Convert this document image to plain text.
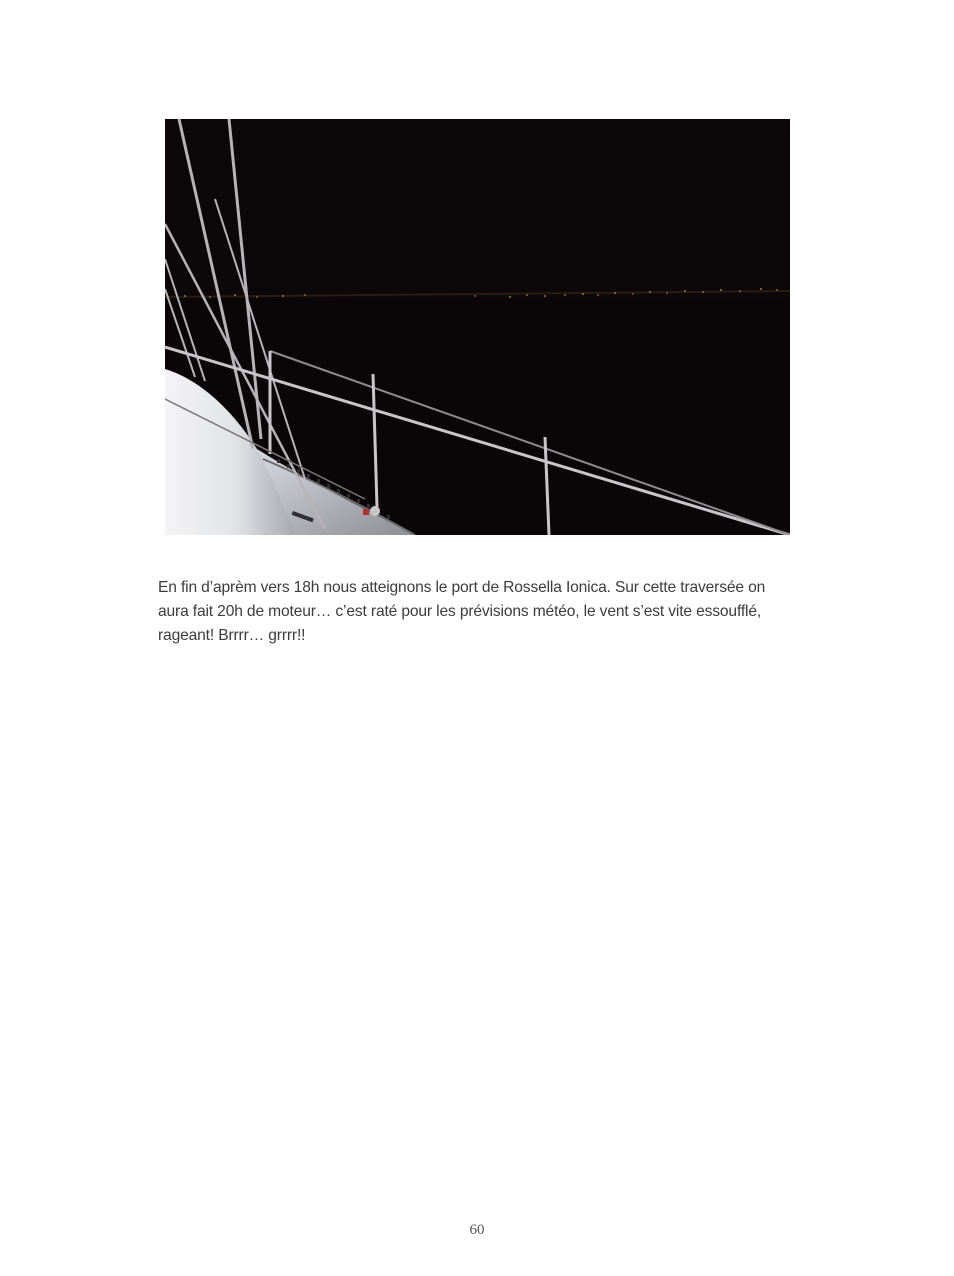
En fin d’aprèm vers 18h nous atteignons le port de Rossella Ionica. Sur cette traversée on
aura fait 20h de moteur… c’est raté pour les prévisions météo, le vent s’est vite essoufflé,
rageant! Brrrr… grrrr!!

60
